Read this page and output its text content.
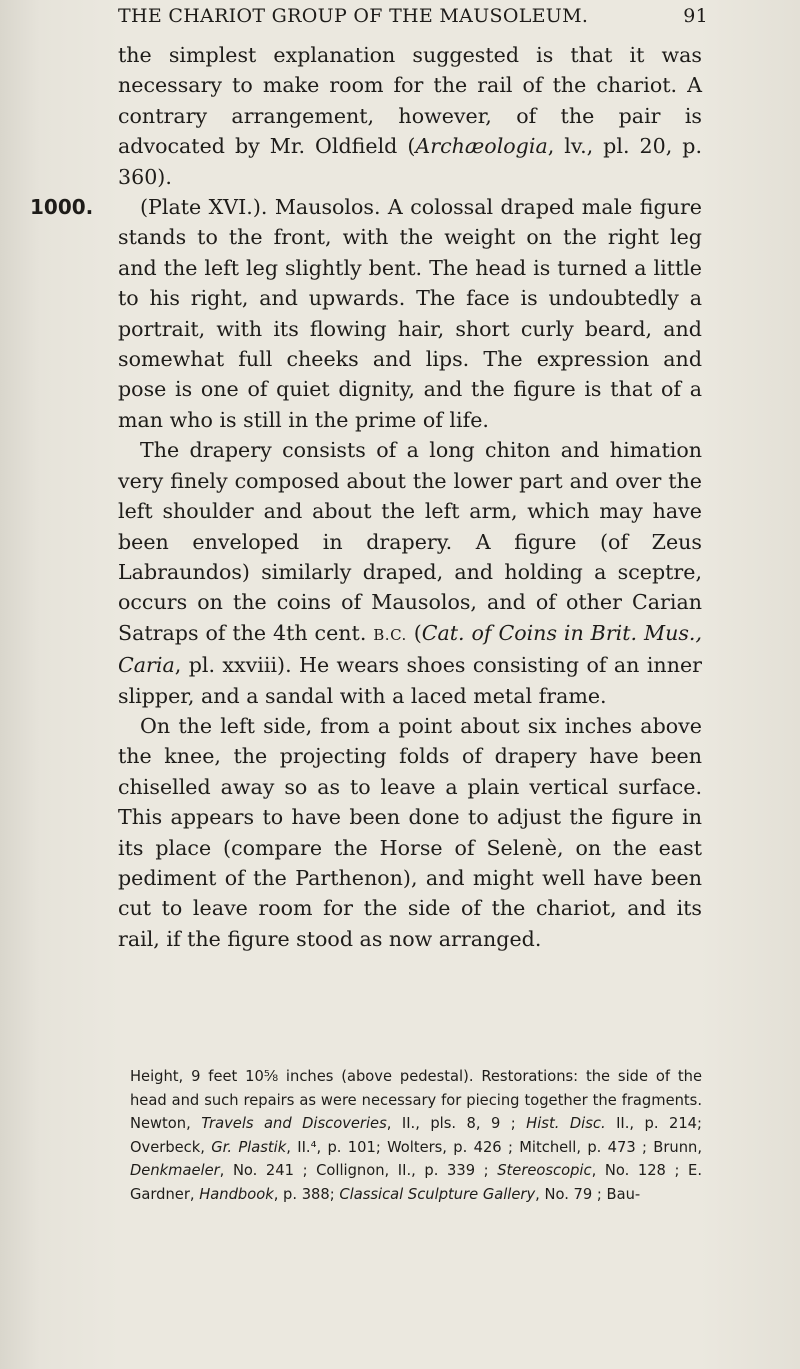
THE CHARIOT GROUP OF THE MAUSOLEUM.	91

the simplest explanation suggested is that it was necessary to make room for the rail of the chariot. A contrary arrangement, however, of the pair is advocated by Mr. Oldfield (Archæologia, lv., pl. 20, p. 360).

1000. (Plate XVI.). Mausolos. A colossal draped male figure stands to the front, with the weight on the right leg and the left leg slightly bent. The head is turned a little to his right, and upwards. The face is undoubtedly a portrait, with its flowing hair, short curly beard, and somewhat full cheeks and lips. The expression and pose is one of quiet dignity, and the figure is that of a man who is still in the prime of life.

The drapery consists of a long chiton and himation very finely composed about the lower part and over the left shoulder and about the left arm, which may have been enveloped in drapery. A figure (of Zeus Labraundos) similarly draped, and holding a sceptre, occurs on the coins of Mausolos, and of other Carian Satraps of the 4th cent. B.C. (Cat. of Coins in Brit. Mus., Caria, pl. xxviii). He wears shoes consisting of an inner slipper, and a sandal with a laced metal frame.

On the left side, from a point about six inches above the knee, the projecting folds of drapery have been chiselled away so as to leave a plain vertical surface. This appears to have been done to adjust the figure in its place (compare the Horse of Selenè, on the east pediment of the Parthenon), and might well have been cut to leave room for the side of the chariot, and its rail, if the figure stood as now arranged.

Height, 9 feet 10⅝ inches (above pedestal). Restorations: the side of the head and such repairs as were necessary for piecing together the fragments. Newton, Travels and Discoveries, II., pls. 8, 9 ; Hist. Disc. II., p. 214; Overbeck, Gr. Plastik, II.⁴, p. 101; Wolters, p. 426 ; Mitchell, p. 473 ; Brunn, Denkmaeler, No. 241 ; Collignon, II., p. 339 ; Stereoscopic, No. 128 ; E. Gardner, Handbook, p. 388; Classical Sculpture Gallery, No. 79 ; Bau-
